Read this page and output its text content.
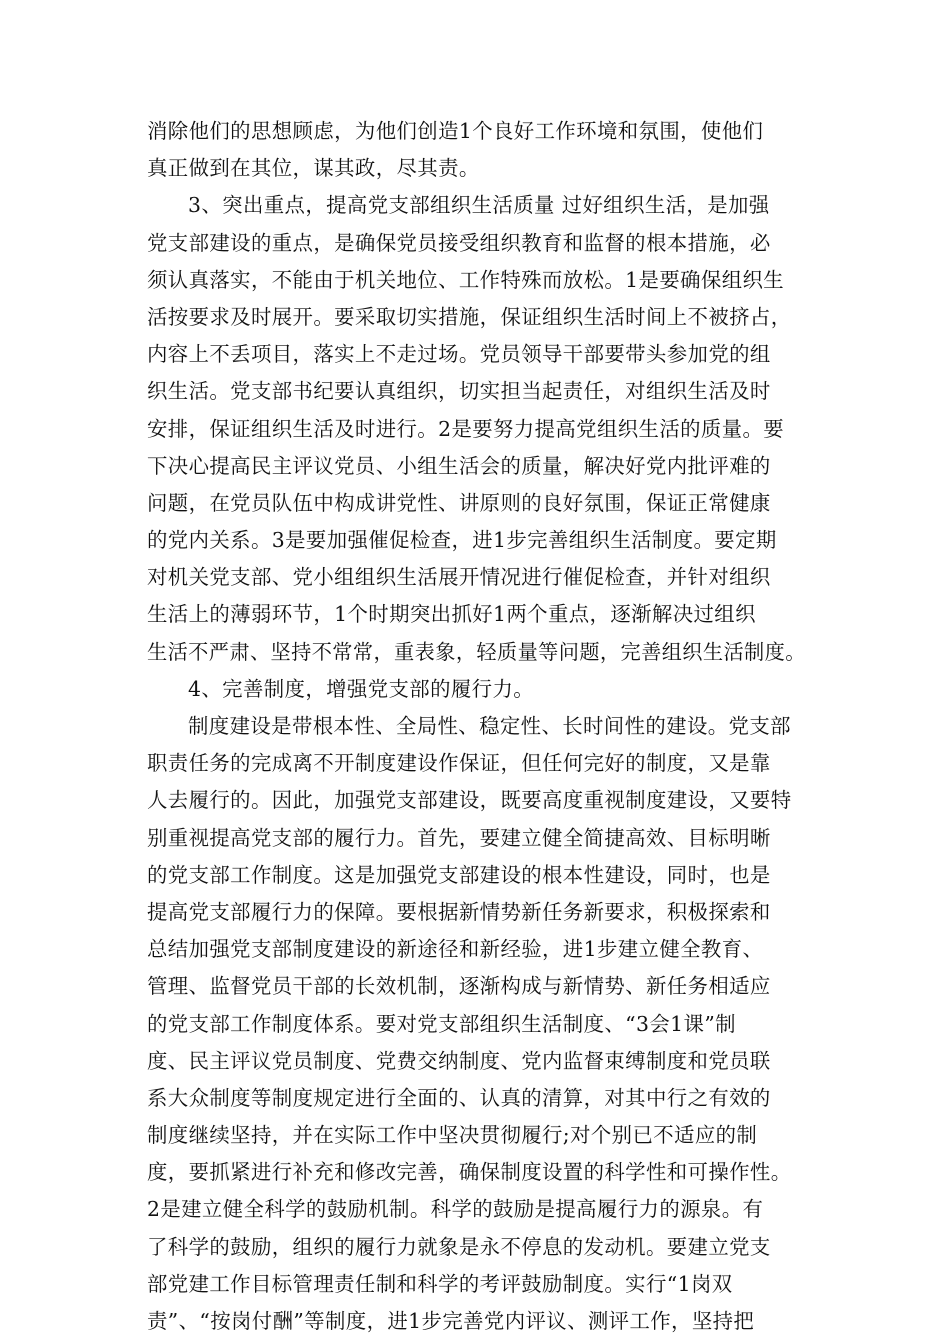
消除他们的思想顾虑，为他们创造1个良好工作环境和氛围，使他们
真正做到在其位，谋其政，尽其责。
3、突出重点，提高党支部组织生活质量 过好组织生活，是加强
党支部建设的重点，是确保党员接受组织教育和监督的根本措施，必
须认真落实，不能由于机关地位、工作特殊而放松。1是要确保组织生
活按要求及时展开。要采取切实措施，保证组织生活时间上不被挤占，
内容上不丢项目，落实上不走过场。党员领导干部要带头参加党的组
织生活。党支部书纪要认真组织，切实担当起责任，对组织生活及时
安排，保证组织生活及时进行。2是要努力提高党组织生活的质量。要
下决心提高民主评议党员、小组生活会的质量，解决好党内批评难的
问题，在党员队伍中构成讲党性、讲原则的良好氛围，保证正常健康
的党内关系。3是要加强催促检查，进1步完善组织生活制度。要定期
对机关党支部、党小组组织生活展开情况进行催促检查，并针对组织
生活上的薄弱环节，1个时期突出抓好1两个重点，逐渐解决过组织
生活不严肃、坚持不常常，重表象，轻质量等问题，完善组织生活制度。
4、完善制度，增强党支部的履行力。
制度建设是带根本性、全局性、稳定性、长时间性的建设。党支部
职责任务的完成离不开制度建设作保证，但任何完好的制度，又是靠
人去履行的。因此，加强党支部建设，既要高度重视制度建设，又要特
别重视提高党支部的履行力。首先，要建立健全简捷高效、目标明晰
的党支部工作制度。这是加强党支部建设的根本性建设，同时，也是
提高党支部履行力的保障。要根据新情势新任务新要求，积极探索和
总结加强党支部制度建设的新途径和新经验，进1步建立健全教育、
管理、监督党员干部的长效机制，逐渐构成与新情势、新任务相适应
的党支部工作制度体系。要对党支部组织生活制度、“3会1课”制
度、民主评议党员制度、党费交纳制度、党内监督束缚制度和党员联
系大众制度等制度规定进行全面的、认真的清算，对其中行之有效的
制度继续坚持，并在实际工作中坚决贯彻履行;对个别已不适应的制
度，要抓紧进行补充和修改完善，确保制度设置的科学性和可操作性。
2是建立健全科学的鼓励机制。科学的鼓励是提高履行力的源泉。有
了科学的鼓励，组织的履行力就象是永不停息的发动机。要建立党支
部党建工作目标管理责任制和科学的考评鼓励制度。实行“1岗双
责”、“按岗付酬”等制度，进1步完善党内评议、测评工作，坚持把
